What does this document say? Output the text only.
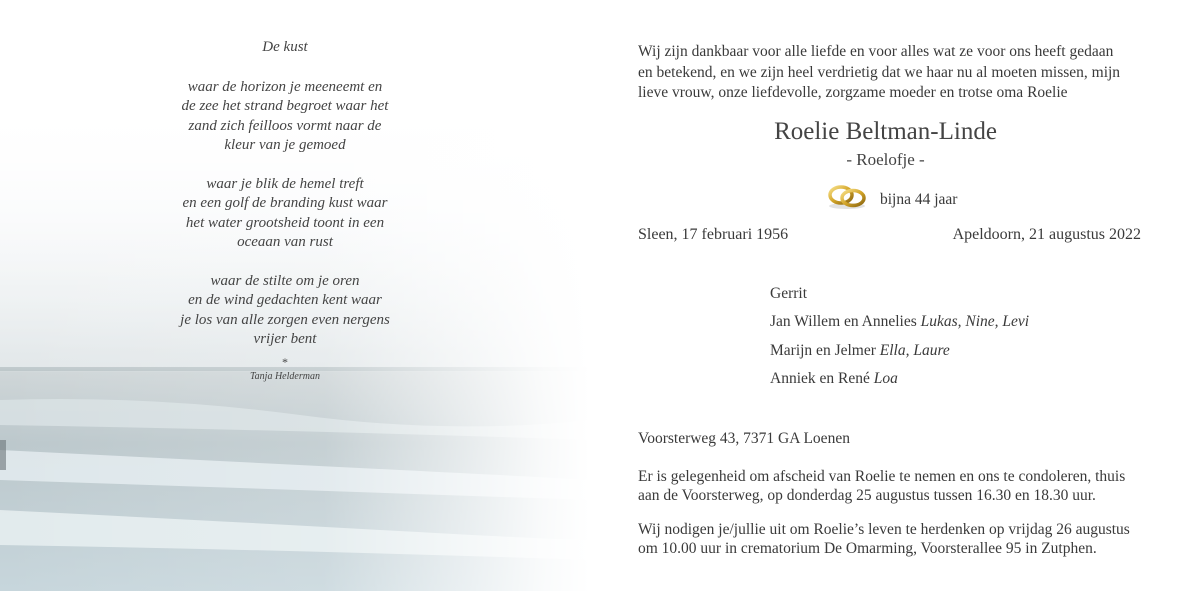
De kust
waar de horizon je meeneemt en
de zee het strand begroet waar het
zand zich feilloos vormt naar de
kleur van je gemoed
waar je blik de hemel treft
en een golf de branding kust waar
het water grootsheid toont in een
oceaan van rust
waar de stilte om je oren
en de wind gedachten kent waar
je los van alle zorgen even nergens
vrijer bent
*
Tanja Helderman
Wij zijn dankbaar voor alle liefde en voor alles wat ze voor ons heeft gedaan
en betekend, en we zijn heel verdrietig dat we haar nu al moeten missen, mijn
lieve vrouw, onze liefdevolle, zorgzame moeder en trotse oma Roelie
Roelie Beltman-Linde
- Roelofje -
bijna 44 jaar
Sleen, 17 februari 1956	Apeldoorn, 21 augustus 2022
Gerrit
Jan Willem en Annelies Lukas, Nine, Levi
Marijn en Jelmer Ella, Laure
Anniek en René Loa
Voorsterweg 43, 7371 GA Loenen
Er is gelegenheid om afscheid van Roelie te nemen en ons te condoleren, thuis
aan de Voorsterweg, op donderdag 25 augustus tussen 16.30 en 18.30 uur.
Wij nodigen je/jullie uit om Roelie’s leven te herdenken op vrijdag 26 augustus
om 10.00 uur in crematorium De Omarming, Voorsterallee 95 in Zutphen.
